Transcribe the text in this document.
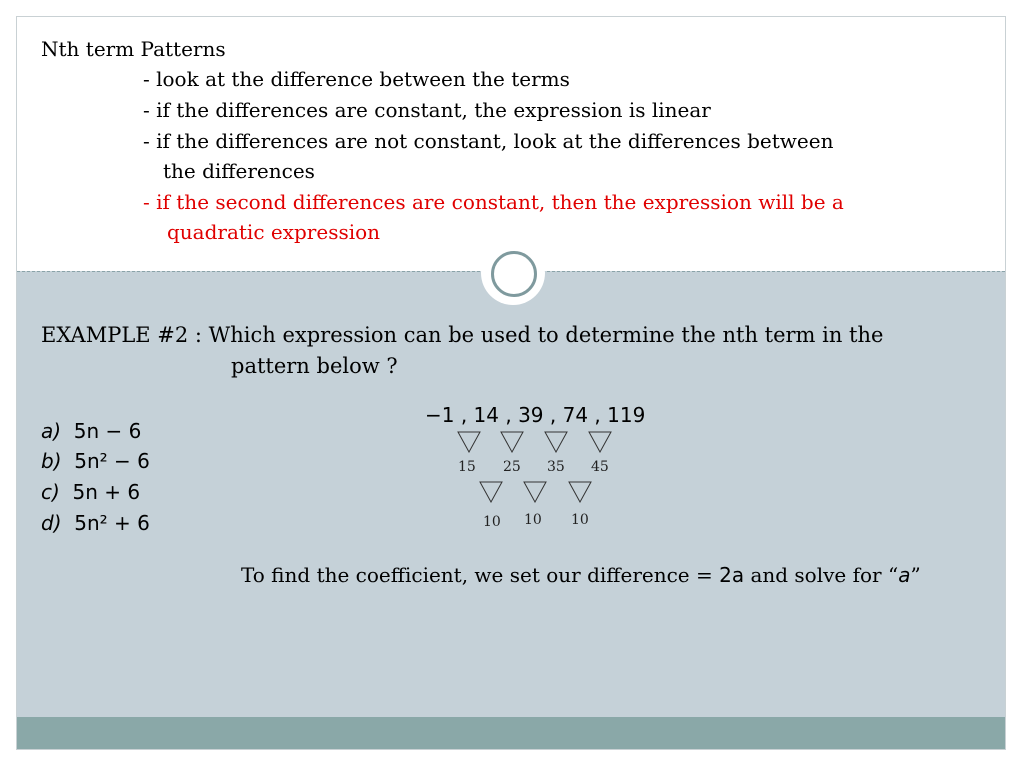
Nth term Patterns
- look at the difference between the terms
- if the differences are constant, the expression is linear
- if the differences are not constant, look at the differences between
the differences
- if the second differences are constant, then the expression will be a
quadratic expression
EXAMPLE #2 : Which expression can be used to determine the nth term in the
pattern below ?
a) 5n − 6
b) 5n² − 6
c) 5n + 6
d) 5n² + 6
−1 , 14 , 39 , 74 , 119
15 25 35 45
10 10 10
To find the coefficient, we set our difference = 2a and solve for “a”
